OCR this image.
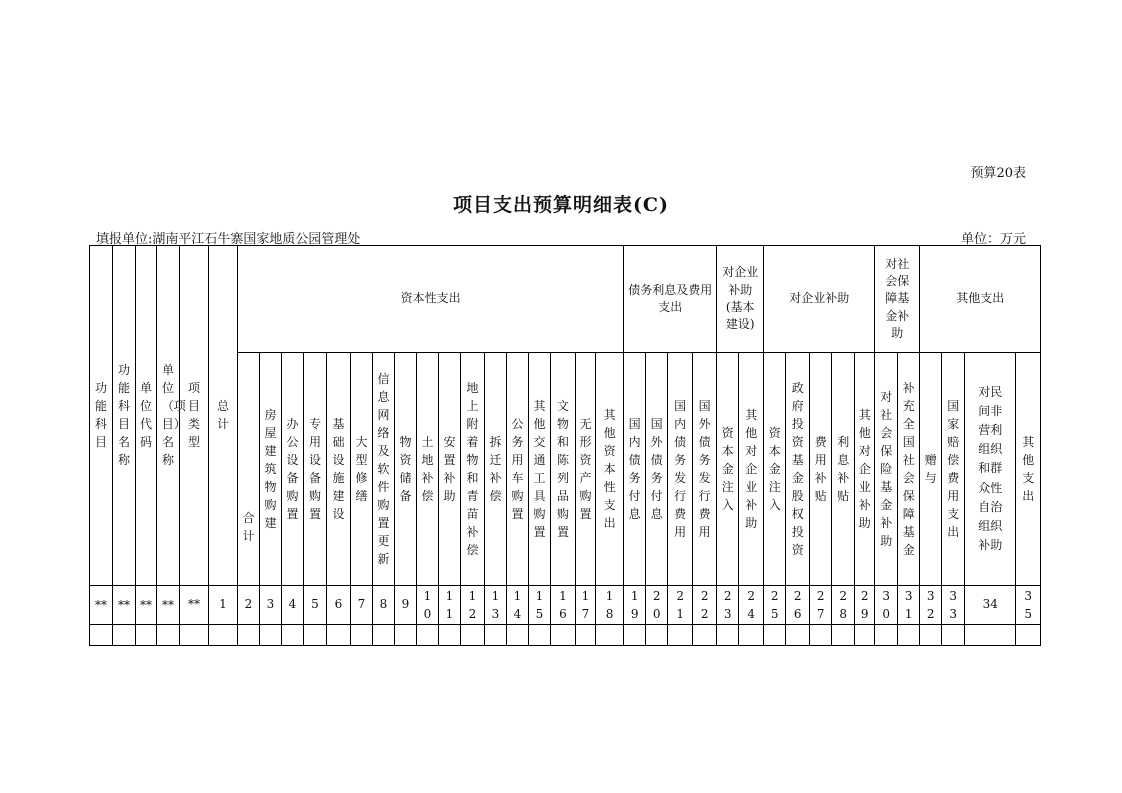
预算20表
项目支出预算明细表(C)
填报单位:湖南平江石牛寨国家地质公园管理处	单位：万元
功能科目	功能科目名称	单位代码	单位（项目）名称	项目类型	总计	资本性支出																	债务利息及费用支出				对企业补助(基本建设)		对企业补助					对社会保障基金补助		其他支出			
						合计	房屋建筑物购建	办公设备购置	专用设备购置	基础设施建设	大型修缮	信息网络及软件购置更新	物资储备	土地补偿	安置补助	地上附着物和青苗补偿	拆迁补偿	公务用车购置	其他交通工具购置	文物和陈列品购置	无形资产购置	其他资本性支出	国内债务付息	国外债务付息	国内债务发行费用	国外债务发行费用	资本金注入	其他对企业补助	资本金注入	政府投资基金股权投资	费用补贴	利息补贴	其他对企业补助	对社会保险基金补助	补充全国社会保障基金	赠与	国家赔偿费用支出	对民间非营利组织和群众性自治组织补助	其他支出
**	**	**	**	**	1	2	3	4	5	6	7	8	9	10	11	12	13	14	15	16	17	18	19	20	21	22	23	24	25	26	27	28	29	30	31	32	33	34	35
